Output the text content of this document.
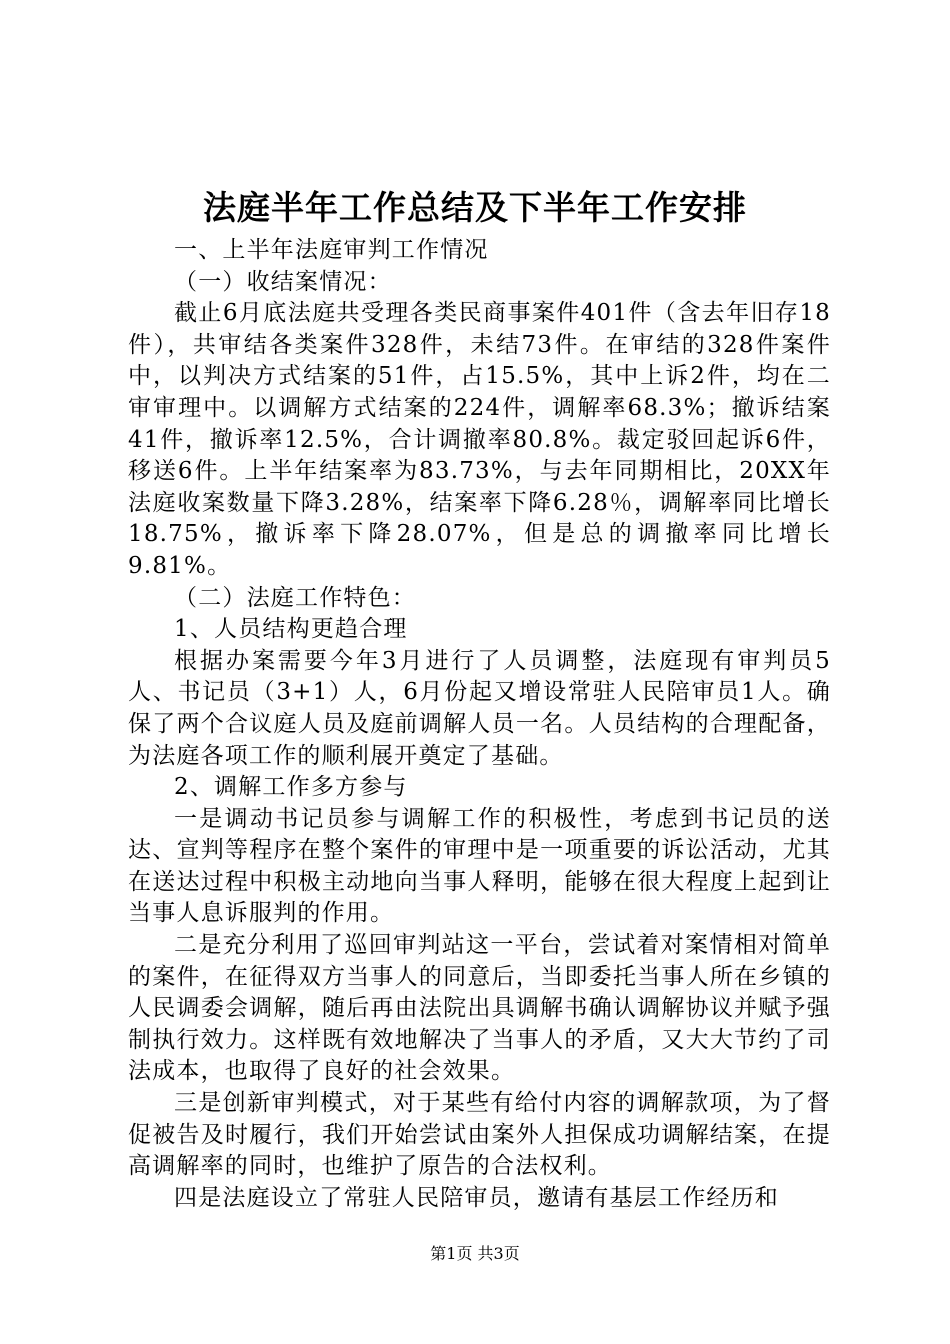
法庭半年工作总结及下半年工作安排

一、上半年法庭审判工作情况

（一）收结案情况：

截止6月底法庭共受理各类民商事案件401件（含去年旧存18件），共审结各类案件328件，未结73件。在审结的328件案件中，以判决方式结案的51件，占15.5%，其中上诉2件，均在二审审理中。以调解方式结案的224件，调解率68.3%；撤诉结案41件，撤诉率12.5%，合计调撤率80.8%。裁定驳回起诉6件，移送6件。上半年结案率为83.73%，与去年同期相比，20XX年法庭收案数量下降3.28%，结案率下降6.28％，调解率同比增长18.75%，撤诉率下降28.07%，但是总的调撤率同比增长9.81%。

（二）法庭工作特色：

1、人员结构更趋合理

根据办案需要今年3月进行了人员调整，法庭现有审判员5人、书记员（3+1）人，6月份起又增设常驻人民陪审员1人。确保了两个合议庭人员及庭前调解人员一名。人员结构的合理配备，为法庭各项工作的顺利展开奠定了基础。

2、调解工作多方参与

一是调动书记员参与调解工作的积极性，考虑到书记员的送达、宣判等程序在整个案件的审理中是一项重要的诉讼活动，尤其在送达过程中积极主动地向当事人释明，能够在很大程度上起到让当事人息诉服判的作用。

二是充分利用了巡回审判站这一平台，尝试着对案情相对简单的案件，在征得双方当事人的同意后，当即委托当事人所在乡镇的人民调委会调解，随后再由法院出具调解书确认调解协议并赋予强制执行效力。这样既有效地解决了当事人的矛盾，又大大节约了司法成本，也取得了良好的社会效果。

三是创新审判模式，对于某些有给付内容的调解款项，为了督促被告及时履行，我们开始尝试由案外人担保成功调解结案，在提高调解率的同时，也维护了原告的合法权利。

四是法庭设立了常驻人民陪审员，邀请有基层工作经历和

第1页 共3页
